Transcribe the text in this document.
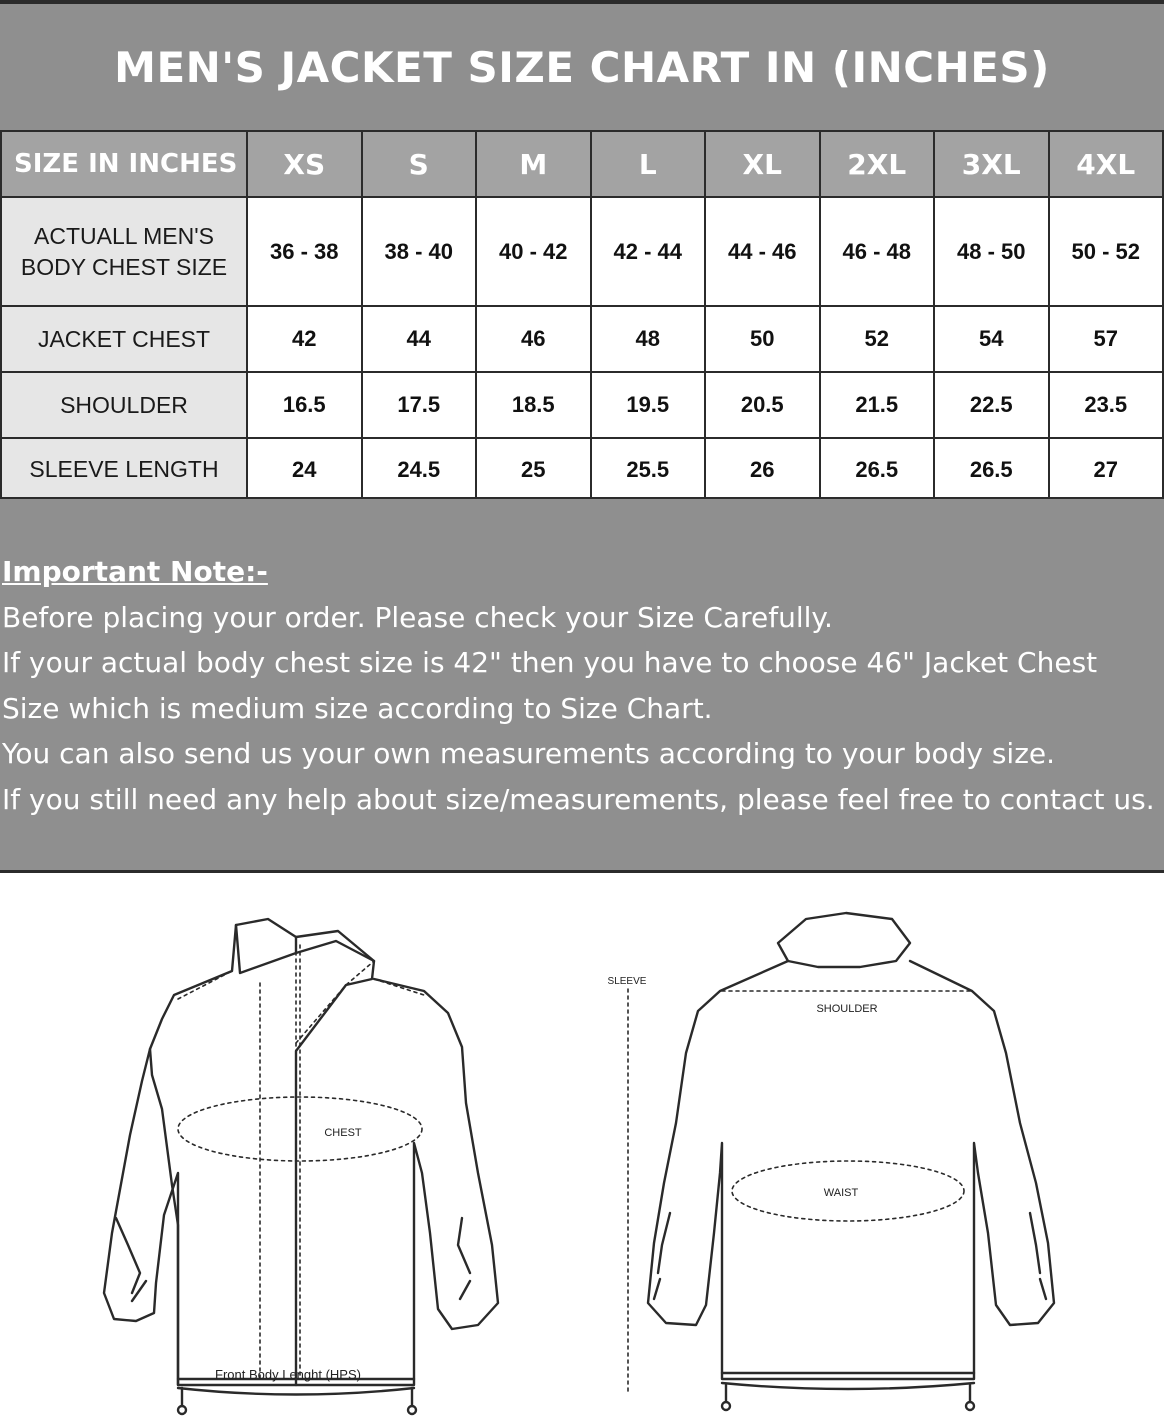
MEN'S JACKET SIZE CHART IN (INCHES)
SIZE IN INCHES	XS	S	M	L	XL	2XL	3XL	4XL
ACTUALL MEN'S
BODY CHEST SIZE	36 - 38	38 - 40	40 - 42	42 - 44	44 - 46	46 - 48	48 - 50	50 - 52
JACKET CHEST	42	44	46	48	50	52	54	57
SHOULDER	16.5	17.5	18.5	19.5	20.5	21.5	22.5	23.5
SLEEVE LENGTH	24	24.5	25	25.5	26	26.5	26.5	27
Important Note:-
Before placing your order. Please check your Size Carefully.
If your actual body chest size is 42" then you have to choose 46" Jacket Chest
Size which is medium size according to Size Chart.
You can also send us your own measurements according to your body size.
If you still need any help about size/measurements, please feel free to contact us.
CHEST
Front Body Lenght (HPS)
SLEEVE
SHOULDER
WAIST
